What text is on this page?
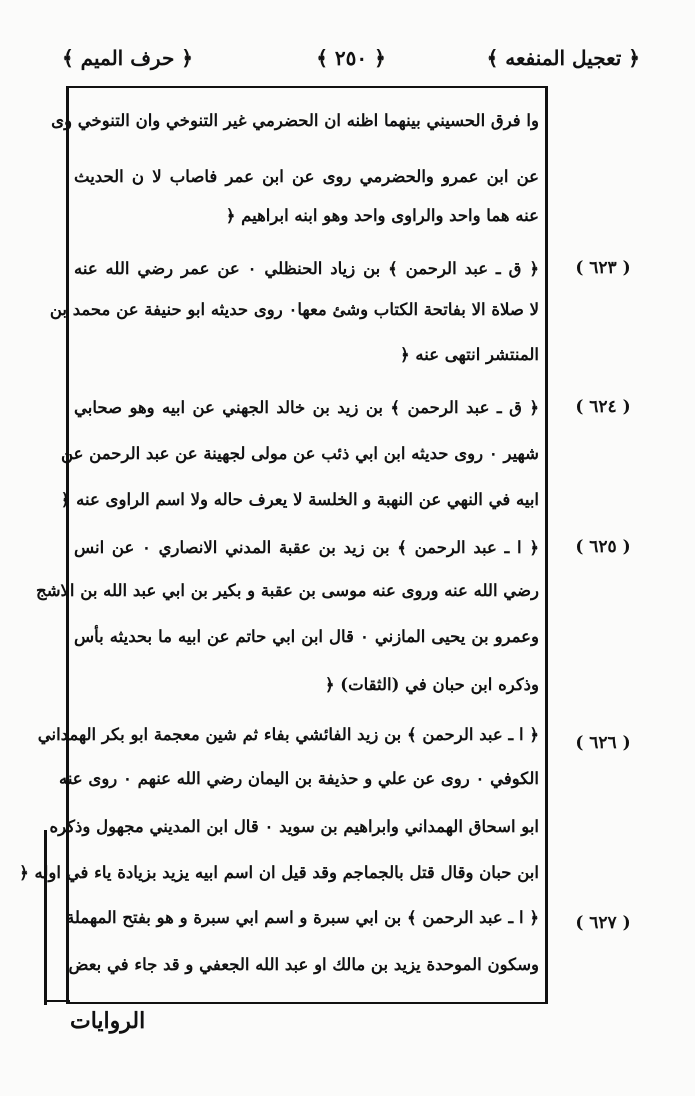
﴿ تعجيل المنفعه ﴾
﴿ ٢٥٠ ﴾
﴿ حرف الميم ﴾
وا فرق الحسيني بينهما اظنه ان الحضرمي غير التنوخي وان التنوخي وى
عن ابن عمرو والحضرمي روى عن ابن عمر فاصاب لا ن الحديث
عنه هما واحد والراوى واحد وهو ابنه ابراهيم ﴿
﴿ ق ـ عبد الرحمن ﴾ بن زياد الحنظلي ۰ عن عمر رضي الله عنه	( ٦٢٣ )
لا صلاة الا بفاتحة الكتاب وشئ معها۰ روى حديثه ابو حنيفة عن محمد بن
المنتشر انتهى عنه ﴿
﴿ ق ـ عبد الرحمن ﴾ بن زيد بن خالد الجهني عن ابيه وهو صحابي	( ٦٢٤ )
شهير ۰ روى حديثه ابن ابي ذئب عن مولى لجهينة عن عبد الرحمن عن
ابيه في النهي عن النهبة و الخلسة لا يعرف حاله ولا اسم الراوى عنه ﴿
﴿ ا ـ عبد الرحمن ﴾ بن زيد بن عقبة المدني الانصاري ۰ عن انس	( ٦٢٥ )
رضي الله عنه وروى عنه موسى بن عقبة و بكير بن ابي عبد الله بن الاشج
وعمرو بن يحيى المازني ۰ قال ابن ابي حاتم عن ابيه ما بحديثه بأس
وذكره ابن حبان في (الثقات) ﴿
﴿ ا ـ عبد الرحمن ﴾ بن زيد الفائشي بفاء ثم شين معجمة ابو بكر الهمداني	( ٦٢٦ )
الكوفي ۰ روى عن علي و حذيفة بن اليمان رضي الله عنهم ۰ روى عنه
ابو اسحاق الهمداني وابراهيم بن سويد ۰ قال ابن المديني مجهول وذكره
ابن حبان وقال قتل بالجماجم وقد قيل ان اسم ابيه يزيد بزيادة ياء في اوله ﴿
﴿ ا ـ عبد الرحمن ﴾ بن ابي سبرة و اسم ابي سبرة و هو بفتح المهملة	( ٦٢٧ )
وسكون الموحدة يزيد بن مالك او عبد الله الجعفي و قد جاء في بعض
الروايات
